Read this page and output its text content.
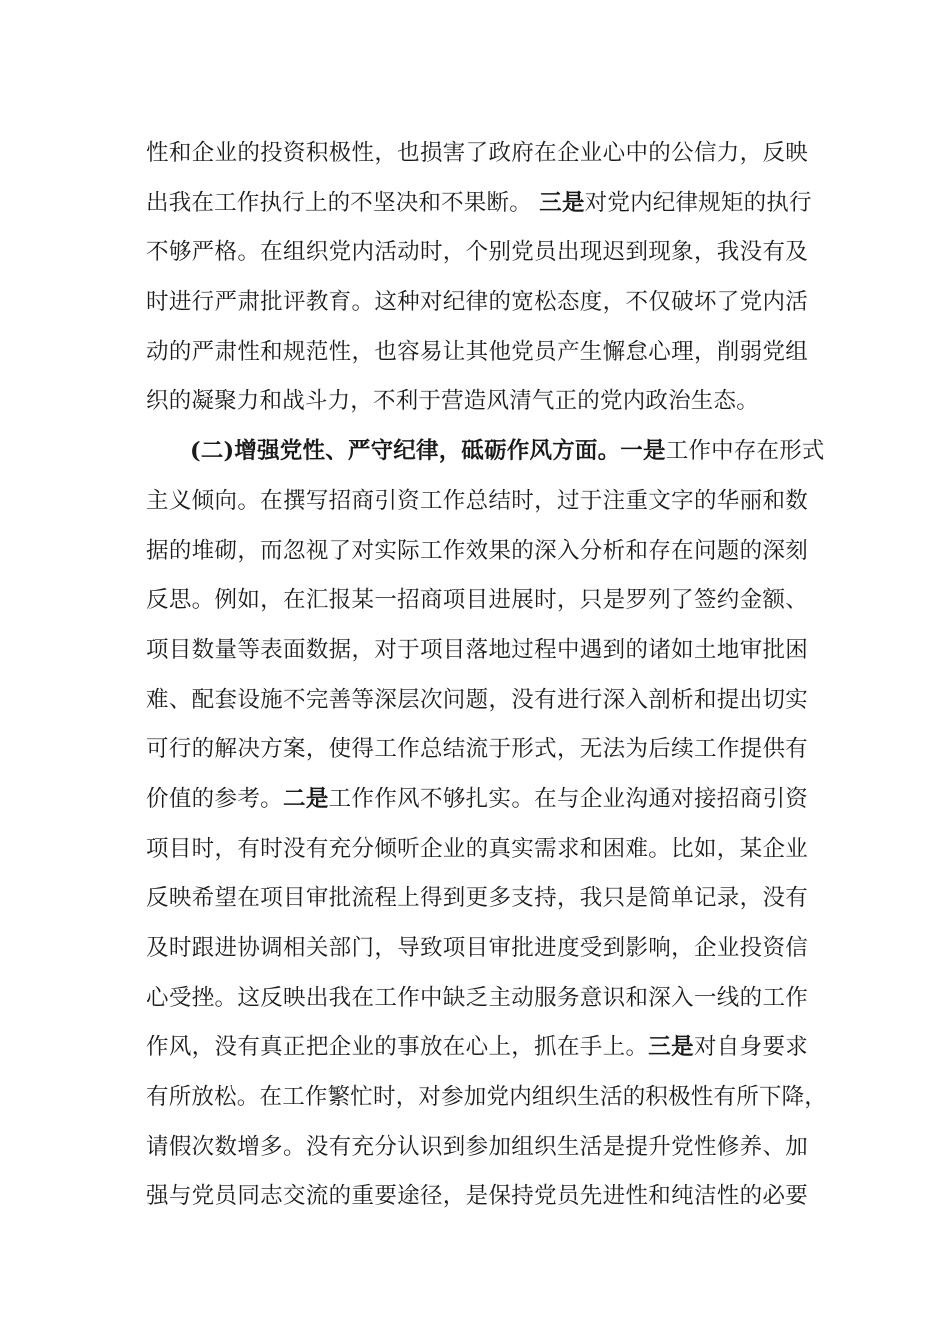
性和企业的投资积极性，也损害了政府在企业心中的公信力，反映
出我在工作执行上的不坚决和不果断。 三是对党内纪律规矩的执行
不够严格。在组织党内活动时，个别党员出现迟到现象，我没有及
时进行严肃批评教育。这种对纪律的宽松态度，不仅破坏了党内活
动的严肃性和规范性，也容易让其他党员产生懈怠心理，削弱党组
织的凝聚力和战斗力，不利于营造风清气正的党内政治生态。
(二)增强党性、严守纪律，砥砺作风方面。一是工作中存在形式
主义倾向。在撰写招商引资工作总结时，过于注重文字的华丽和数
据的堆砌，而忽视了对实际工作效果的深入分析和存在问题的深刻
反思。例如，在汇报某一招商项目进展时，只是罗列了签约金额、
项目数量等表面数据，对于项目落地过程中遇到的诸如土地审批困
难、配套设施不完善等深层次问题，没有进行深入剖析和提出切实
可行的解决方案，使得工作总结流于形式，无法为后续工作提供有
价值的参考。二是工作作风不够扎实。在与企业沟通对接招商引资
项目时，有时没有充分倾听企业的真实需求和困难。比如，某企业
反映希望在项目审批流程上得到更多支持，我只是简单记录，没有
及时跟进协调相关部门，导致项目审批进度受到影响，企业投资信
心受挫。这反映出我在工作中缺乏主动服务意识和深入一线的工作
作风，没有真正把企业的事放在心上，抓在手上。三是对自身要求
有所放松。在工作繁忙时，对参加党内组织生活的积极性有所下降，
请假次数增多。没有充分认识到参加组织生活是提升党性修养、加
强与党员同志交流的重要途径，是保持党员先进性和纯洁性的必要
